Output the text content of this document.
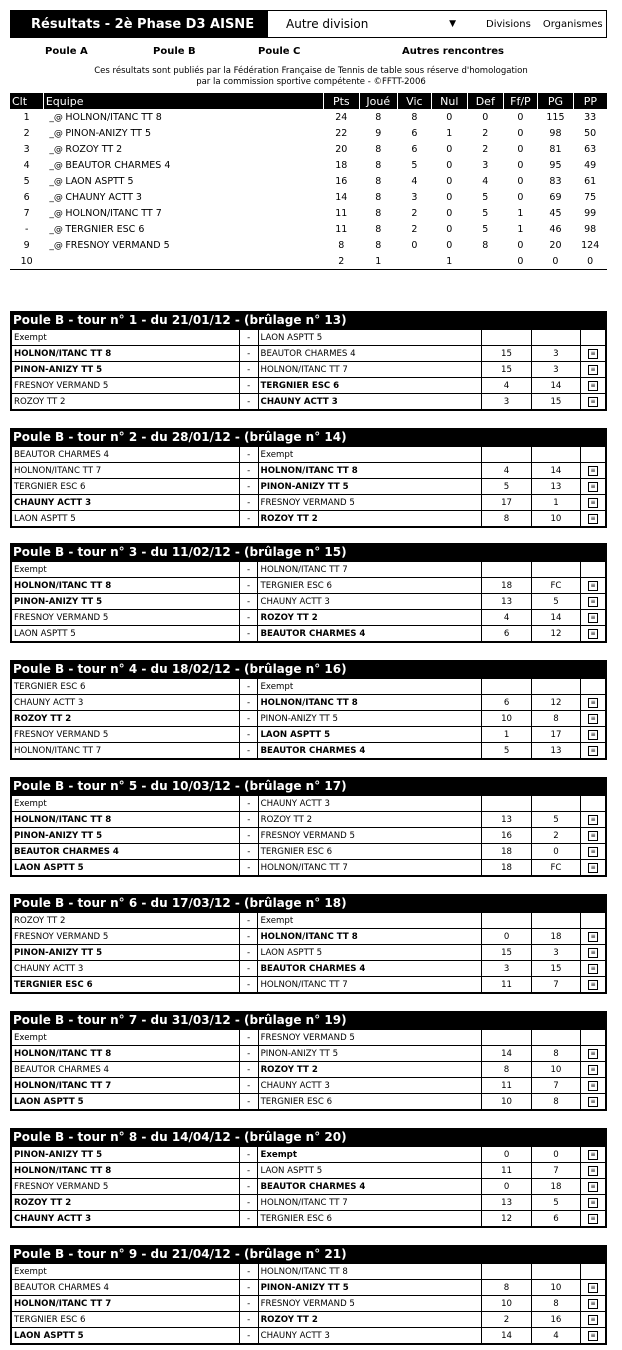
Résultats - 2è Phase D3 AISNE	Autre division	▼	Divisions Organismes
Poule A	Poule B	Poule C	Autres rencontres
Ces résultats sont publiés par la Fédération Française de Tennis de table sous réserve d'homologation
par la commission sportive compétente - ©FFTT-2006
Clt	Equipe	Pts	Joué	Vic	Nul	Def	Ff/P	PG	PP
1	_@ HOLNON/ITANC TT 8	24	8	8	0	0	0	115	33
2	_@ PINON-ANIZY TT 5	22	9	6	1	2	0	98	50
3	_@ ROZOY TT 2	20	8	6	0	2	0	81	63
4	_@ BEAUTOR CHARMES 4	18	8	5	0	3	0	95	49
5	_@ LAON ASPTT 5	16	8	4	0	4	0	83	61
6	_@ CHAUNY ACTT 3	14	8	3	0	5	0	69	75
7	_@ HOLNON/ITANC TT 7	11	8	2	0	5	1	45	99
-	_@ TERGNIER ESC 6	11	8	2	0	5	1	46	98
9	_@ FRESNOY VERMAND 5	8	8	0	0	8	0	20	124
10		2	1		1		0	0	0
Poule B - tour n° 1 - du 21/01/12 - (brûlage n° 13)
Exempt	-	LAON ASPTT 5			
HOLNON/ITANC TT 8	-	BEAUTOR CHARMES 4	15	3	≡
PINON-ANIZY TT 5	-	HOLNON/ITANC TT 7	15	3	≡
FRESNOY VERMAND 5	-	TERGNIER ESC 6	4	14	≡
ROZOY TT 2	-	CHAUNY ACTT 3	3	15	≡
Poule B - tour n° 2 - du 28/01/12 - (brûlage n° 14)
BEAUTOR CHARMES 4	-	Exempt			
HOLNON/ITANC TT 7	-	HOLNON/ITANC TT 8	4	14	≡
TERGNIER ESC 6	-	PINON-ANIZY TT 5	5	13	≡
CHAUNY ACTT 3	-	FRESNOY VERMAND 5	17	1	≡
LAON ASPTT 5	-	ROZOY TT 2	8	10	≡
Poule B - tour n° 3 - du 11/02/12 - (brûlage n° 15)
Exempt	-	HOLNON/ITANC TT 7			
HOLNON/ITANC TT 8	-	TERGNIER ESC 6	18	FC	≡
PINON-ANIZY TT 5	-	CHAUNY ACTT 3	13	5	≡
FRESNOY VERMAND 5	-	ROZOY TT 2	4	14	≡
LAON ASPTT 5	-	BEAUTOR CHARMES 4	6	12	≡
Poule B - tour n° 4 - du 18/02/12 - (brûlage n° 16)
TERGNIER ESC 6	-	Exempt			
CHAUNY ACTT 3	-	HOLNON/ITANC TT 8	6	12	≡
ROZOY TT 2	-	PINON-ANIZY TT 5	10	8	≡
FRESNOY VERMAND 5	-	LAON ASPTT 5	1	17	≡
HOLNON/ITANC TT 7	-	BEAUTOR CHARMES 4	5	13	≡
Poule B - tour n° 5 - du 10/03/12 - (brûlage n° 17)
Exempt	-	CHAUNY ACTT 3			
HOLNON/ITANC TT 8	-	ROZOY TT 2	13	5	≡
PINON-ANIZY TT 5	-	FRESNOY VERMAND 5	16	2	≡
BEAUTOR CHARMES 4	-	TERGNIER ESC 6	18	0	≡
LAON ASPTT 5	-	HOLNON/ITANC TT 7	18	FC	≡
Poule B - tour n° 6 - du 17/03/12 - (brûlage n° 18)
ROZOY TT 2	-	Exempt			
FRESNOY VERMAND 5	-	HOLNON/ITANC TT 8	0	18	≡
PINON-ANIZY TT 5	-	LAON ASPTT 5	15	3	≡
CHAUNY ACTT 3	-	BEAUTOR CHARMES 4	3	15	≡
TERGNIER ESC 6	-	HOLNON/ITANC TT 7	11	7	≡
Poule B - tour n° 7 - du 31/03/12 - (brûlage n° 19)
Exempt	-	FRESNOY VERMAND 5			
HOLNON/ITANC TT 8	-	PINON-ANIZY TT 5	14	8	≡
BEAUTOR CHARMES 4	-	ROZOY TT 2	8	10	≡
HOLNON/ITANC TT 7	-	CHAUNY ACTT 3	11	7	≡
LAON ASPTT 5	-	TERGNIER ESC 6	10	8	≡
Poule B - tour n° 8 - du 14/04/12 - (brûlage n° 20)
PINON-ANIZY TT 5	-	Exempt	0	0	≡
HOLNON/ITANC TT 8	-	LAON ASPTT 5	11	7	≡
FRESNOY VERMAND 5	-	BEAUTOR CHARMES 4	0	18	≡
ROZOY TT 2	-	HOLNON/ITANC TT 7	13	5	≡
CHAUNY ACTT 3	-	TERGNIER ESC 6	12	6	≡
Poule B - tour n° 9 - du 21/04/12 - (brûlage n° 21)
Exempt	-	HOLNON/ITANC TT 8			
BEAUTOR CHARMES 4	-	PINON-ANIZY TT 5	8	10	≡
HOLNON/ITANC TT 7	-	FRESNOY VERMAND 5	10	8	≡
TERGNIER ESC 6	-	ROZOY TT 2	2	16	≡
LAON ASPTT 5	-	CHAUNY ACTT 3	14	4	≡
